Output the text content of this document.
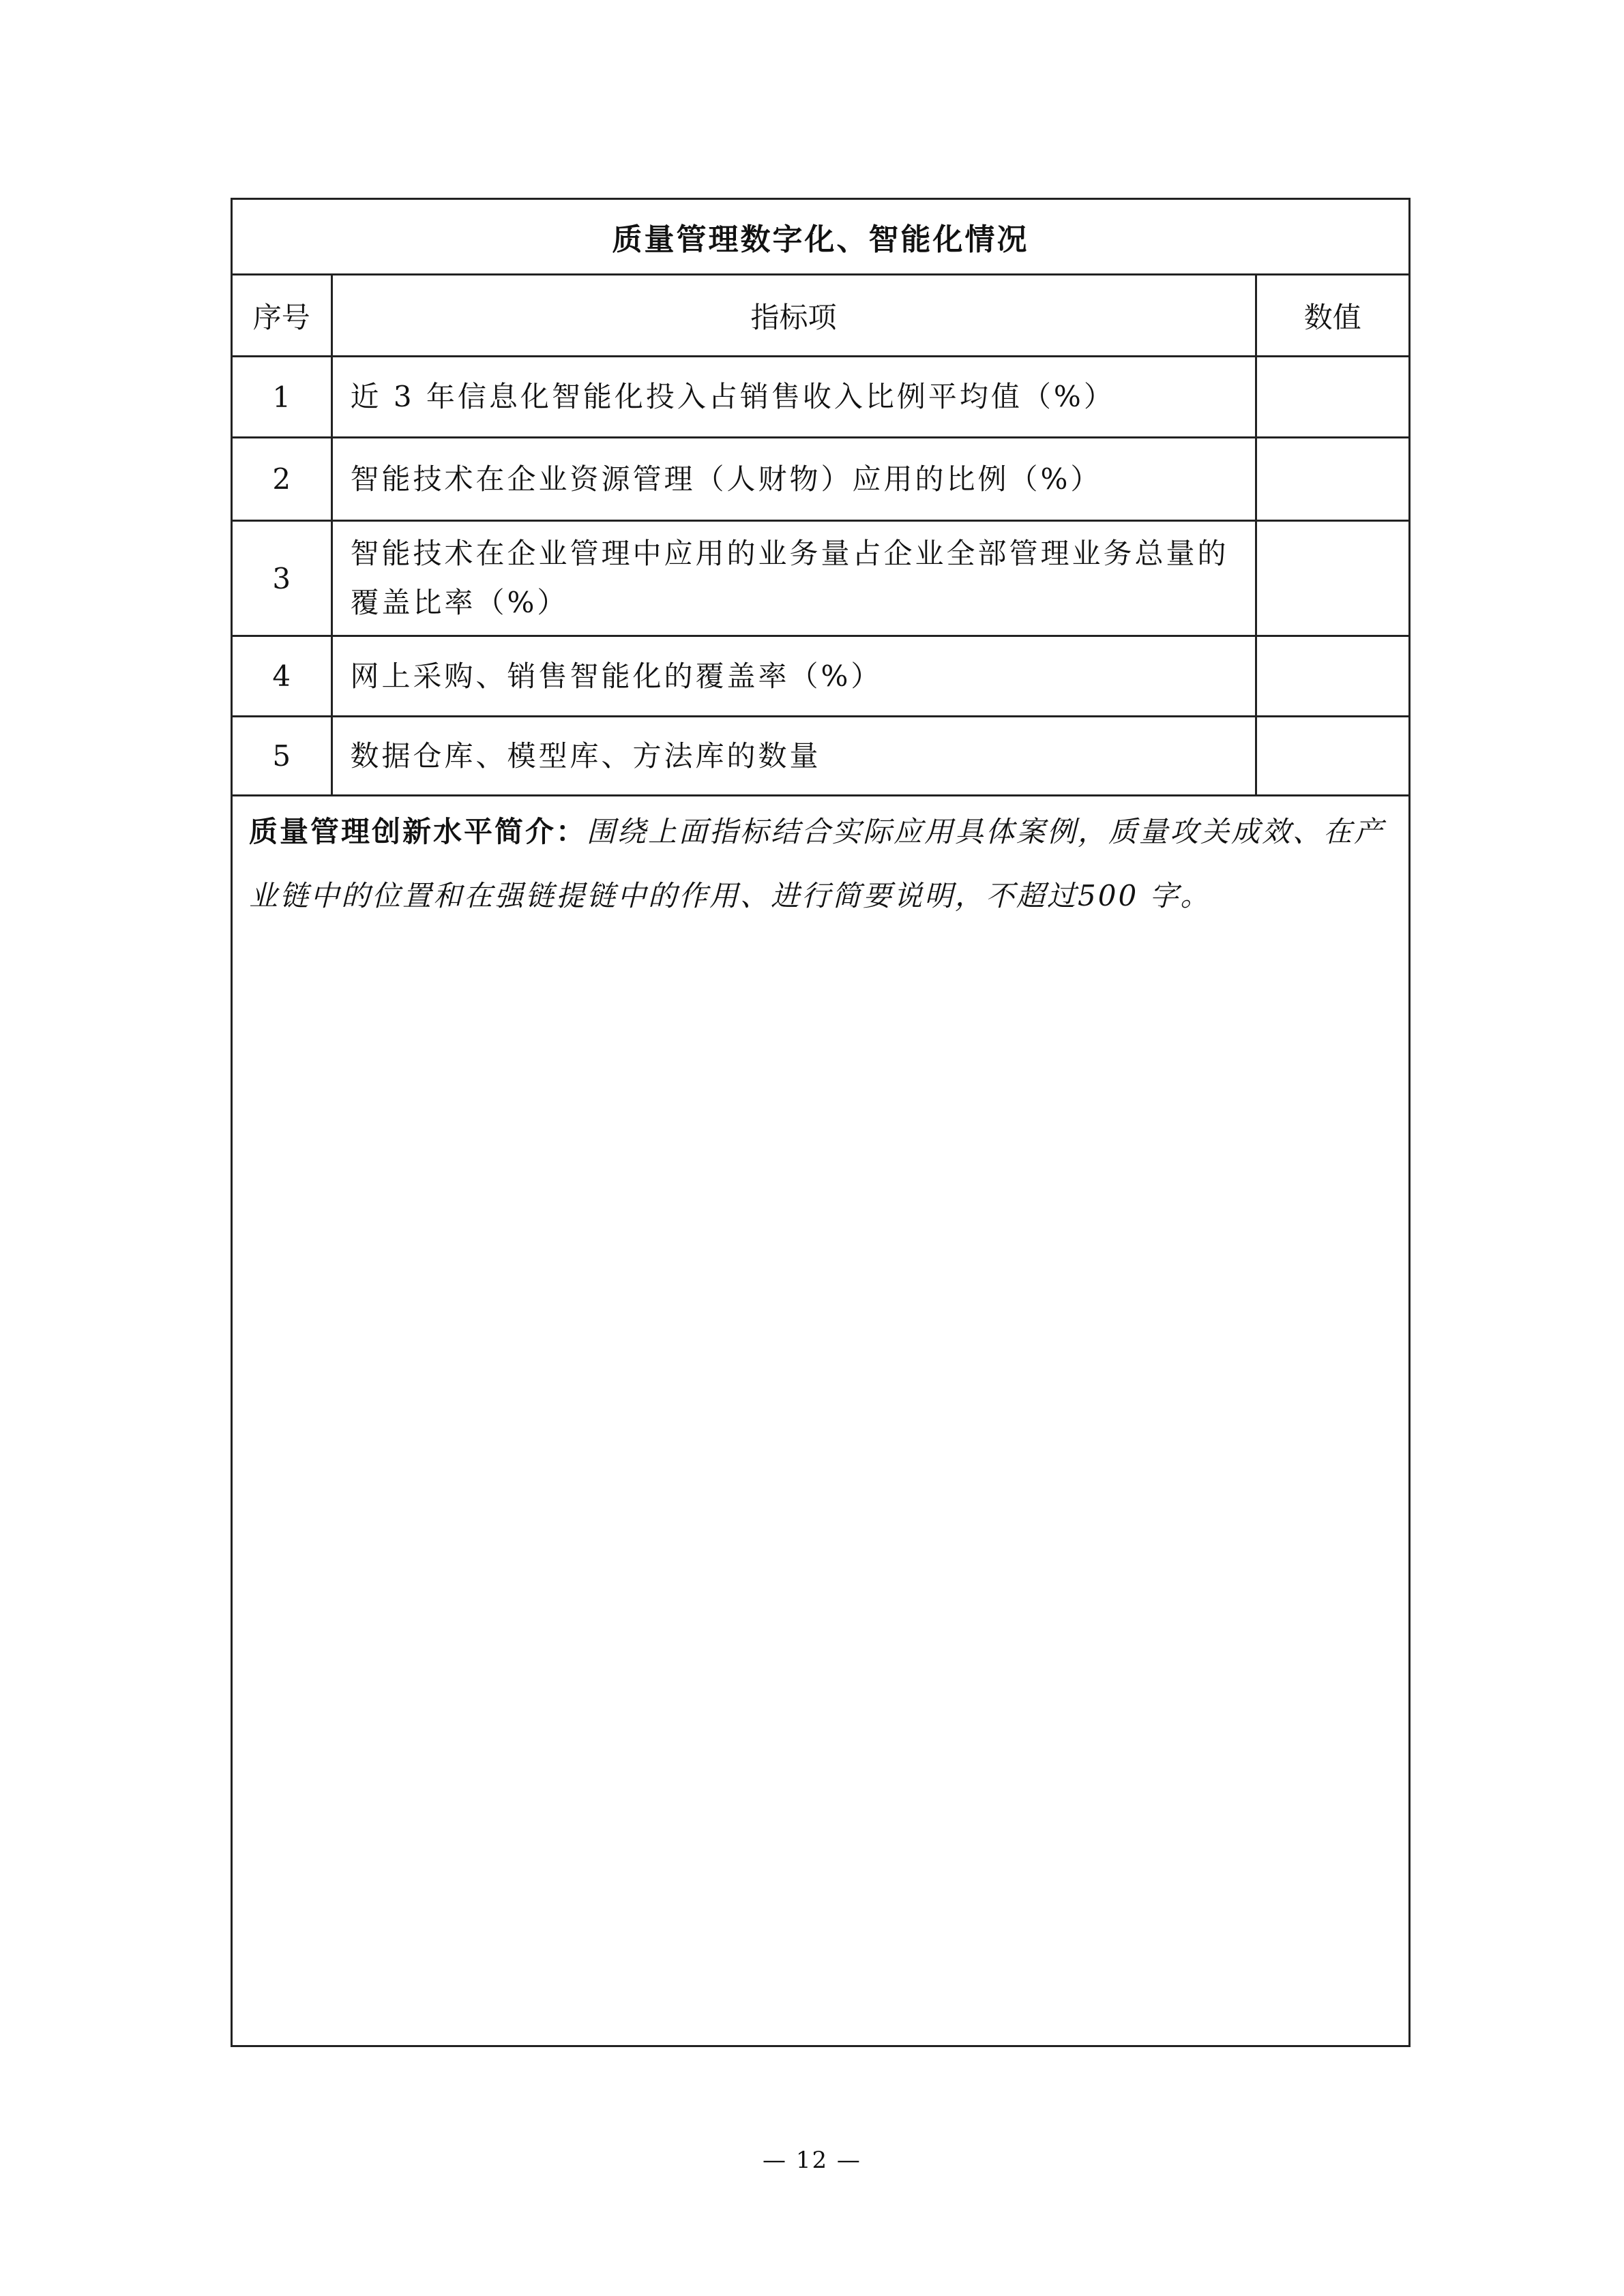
质量管理数字化、智能化情况		
序号	指标项	数值
1	近 3 年信息化智能化投入占销售收入比例平均值（%）	
2	智能技术在企业资源管理（人财物）应用的比例（%）	
3	智能技术在企业管理中应用的业务量占企业全部管理业务总量的覆盖比率（%）	
4	网上采购、销售智能化的覆盖率（%）	
5	数据仓库、模型库、方法库的数量	
质量管理创新水平简介：围绕上面指标结合实际应用具体案例，质量攻关成效、在产业链中的位置和在强链提链中的作用、进行简要说明，不超过500 字。
— 12 —
